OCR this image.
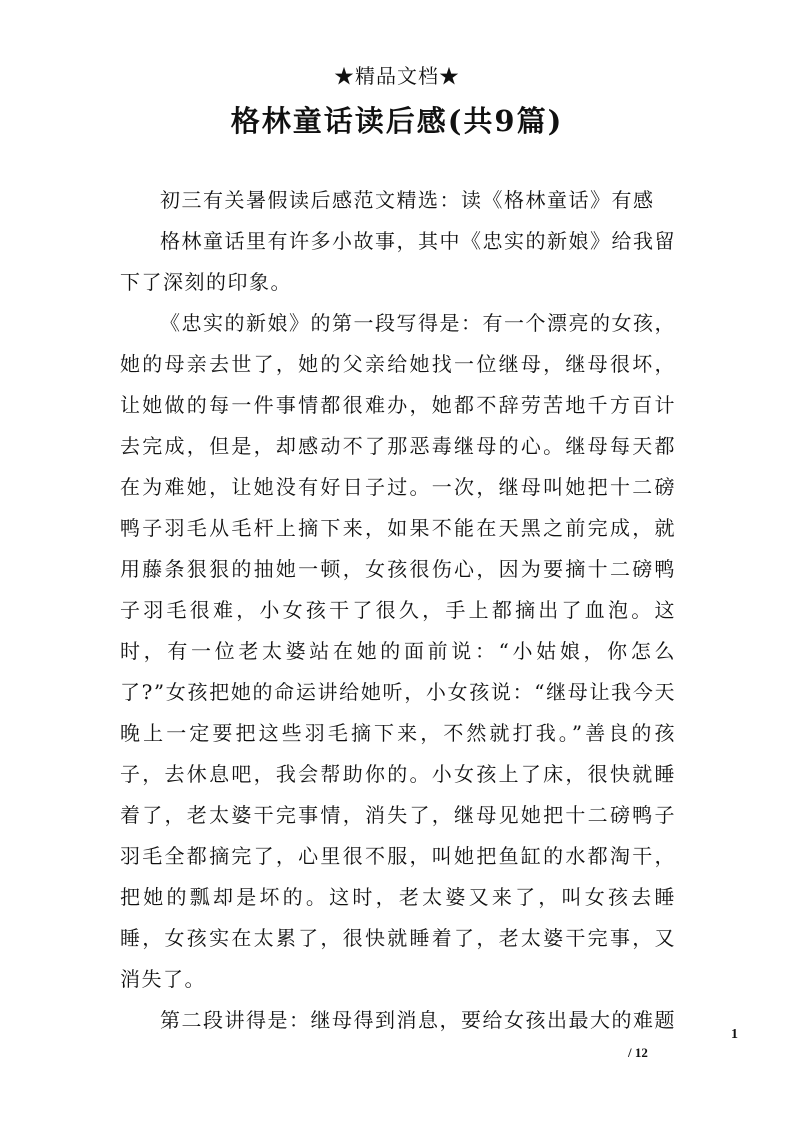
★精品文档★
格林童话读后感(共9篇)

初三有关暑假读后感范文精选：读《格林童话》有感

格林童话里有许多小故事，其中《忠实的新娘》给我留下了深刻的印象。

《忠实的新娘》的第一段写得是：有一个漂亮的女孩，她的母亲去世了，她的父亲给她找一位继母，继母很坏，让她做的每一件事情都很难办，她都不辞劳苦地千方百计去完成，但是，却感动不了那恶毒继母的心。继母每天都在为难她，让她没有好日子过。一次，继母叫她把十二磅鸭子羽毛从毛杆上摘下来，如果不能在天黑之前完成，就用藤条狠狠的抽她一顿，女孩很伤心，因为要摘十二磅鸭子羽毛很难，小女孩干了很久，手上都摘出了血泡。这时，有一位老太婆站在她的面前说：“小姑娘，你怎么了?”女孩把她的命运讲给她听，小女孩说：“继母让我今天晚上一定要把这些羽毛摘下来，不然就打我。”善良的孩子，去休息吧，我会帮助你的。小女孩上了床，很快就睡着了，老太婆干完事情，消失了，继母见她把十二磅鸭子羽毛全都摘完了，心里很不服，叫她把鱼缸的水都淘干，把她的瓢却是坏的。这时，老太婆又来了，叫女孩去睡睡，女孩实在太累了，很快就睡着了，老太婆干完事，又消失了。

第二段讲得是：继母得到消息，要给女孩出最大的难题

1
/ 12
